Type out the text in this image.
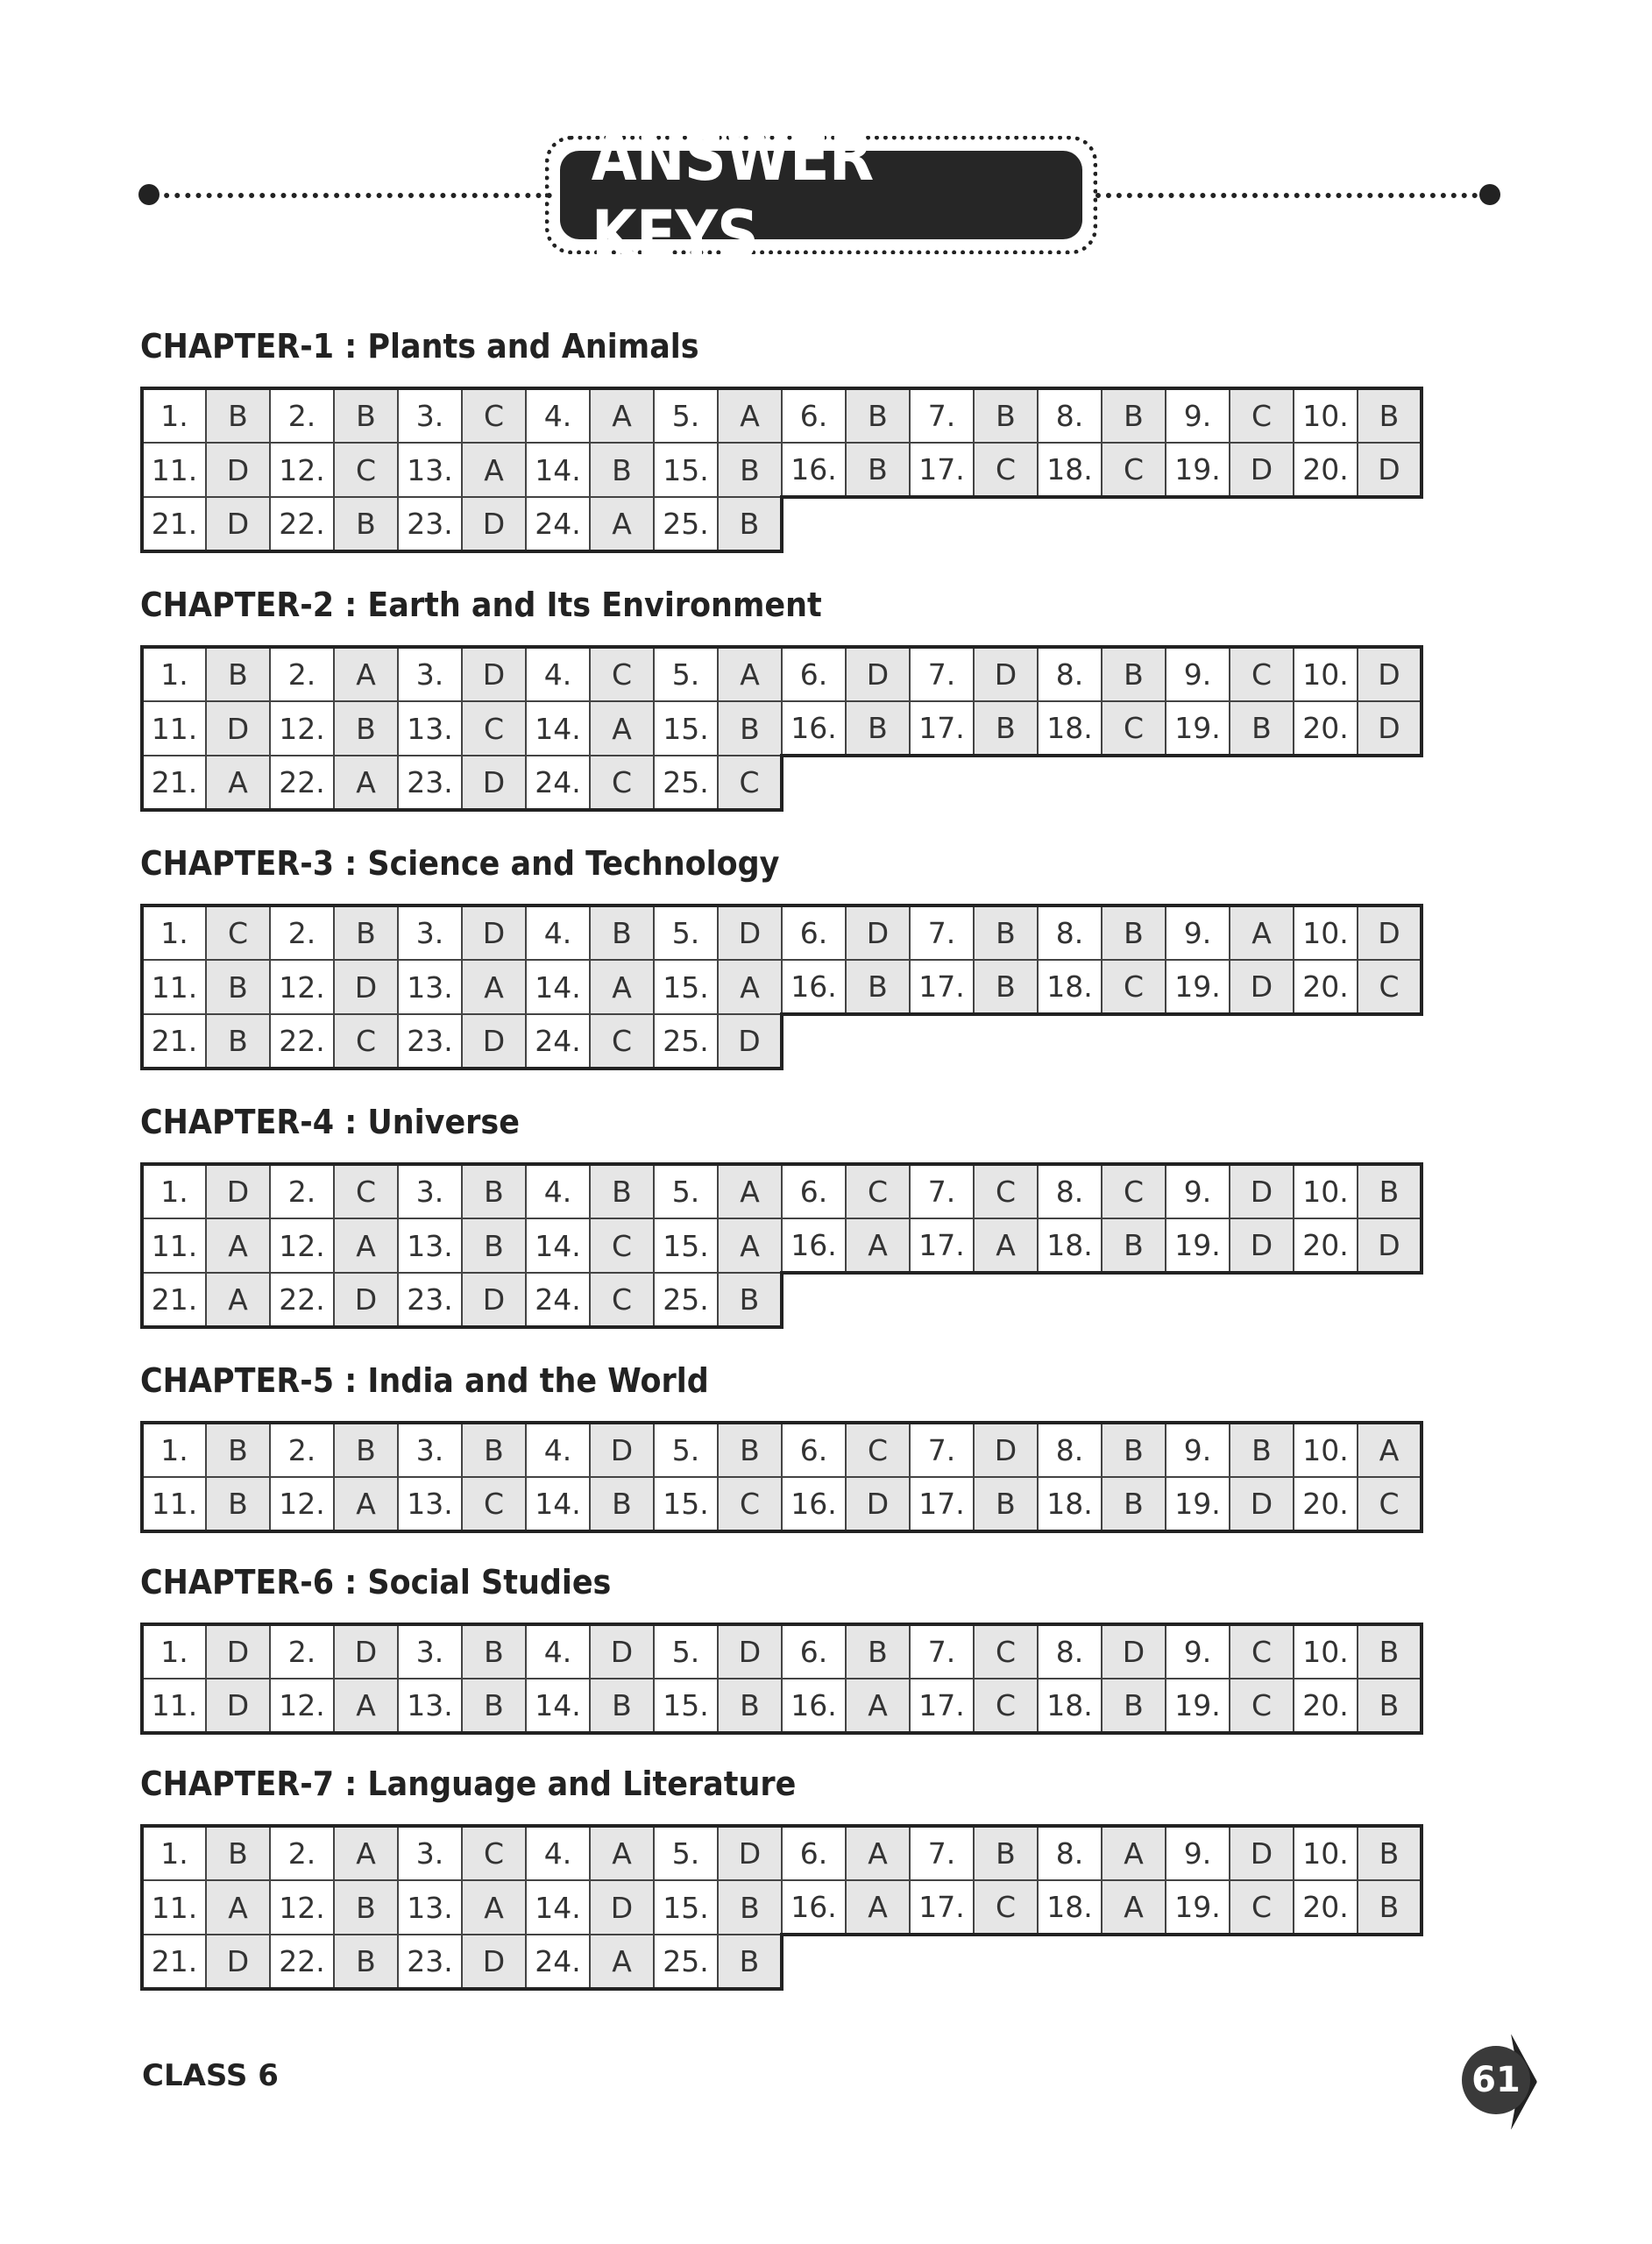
ANSWER KEYS
CHAPTER-1 : Plants and Animals
1.	B	2.	B	3.	C	4.	A	5.	A	6.	B	7.	B	8.	B	9.	C	10.	B
11.	D	12.	C	13.	A	14.	B	15.	B	16.	B	17.	C	18.	C	19.	D	20.	D
21.	D	22.	B	23.	D	24.	A	25.	B										
CHAPTER-2 : Earth and Its Environment
1.	B	2.	A	3.	D	4.	C	5.	A	6.	D	7.	D	8.	B	9.	C	10.	D
11.	D	12.	B	13.	C	14.	A	15.	B	16.	B	17.	B	18.	C	19.	B	20.	D
21.	A	22.	A	23.	D	24.	C	25.	C										
CHAPTER-3 : Science and Technology
1.	C	2.	B	3.	D	4.	B	5.	D	6.	D	7.	B	8.	B	9.	A	10.	D
11.	B	12.	D	13.	A	14.	A	15.	A	16.	B	17.	B	18.	C	19.	D	20.	C
21.	B	22.	C	23.	D	24.	C	25.	D										
CHAPTER-4 : Universe
1.	D	2.	C	3.	B	4.	B	5.	A	6.	C	7.	C	8.	C	9.	D	10.	B
11.	A	12.	A	13.	B	14.	C	15.	A	16.	A	17.	A	18.	B	19.	D	20.	D
21.	A	22.	D	23.	D	24.	C	25.	B										
CHAPTER-5 : India and the World
1.	B	2.	B	3.	B	4.	D	5.	B	6.	C	7.	D	8.	B	9.	B	10.	A
11.	B	12.	A	13.	C	14.	B	15.	C	16.	D	17.	B	18.	B	19.	D	20.	C
CHAPTER-6 : Social Studies
1.	D	2.	D	3.	B	4.	D	5.	D	6.	B	7.	C	8.	D	9.	C	10.	B
11.	D	12.	A	13.	B	14.	B	15.	B	16.	A	17.	C	18.	B	19.	C	20.	B
CHAPTER-7 : Language and Literature
1.	B	2.	A	3.	C	4.	A	5.	D	6.	A	7.	B	8.	A	9.	D	10.	B
11.	A	12.	B	13.	A	14.	D	15.	B	16.	A	17.	C	18.	A	19.	C	20.	B
21.	D	22.	B	23.	D	24.	A	25.	B										
CLASS 6	61
